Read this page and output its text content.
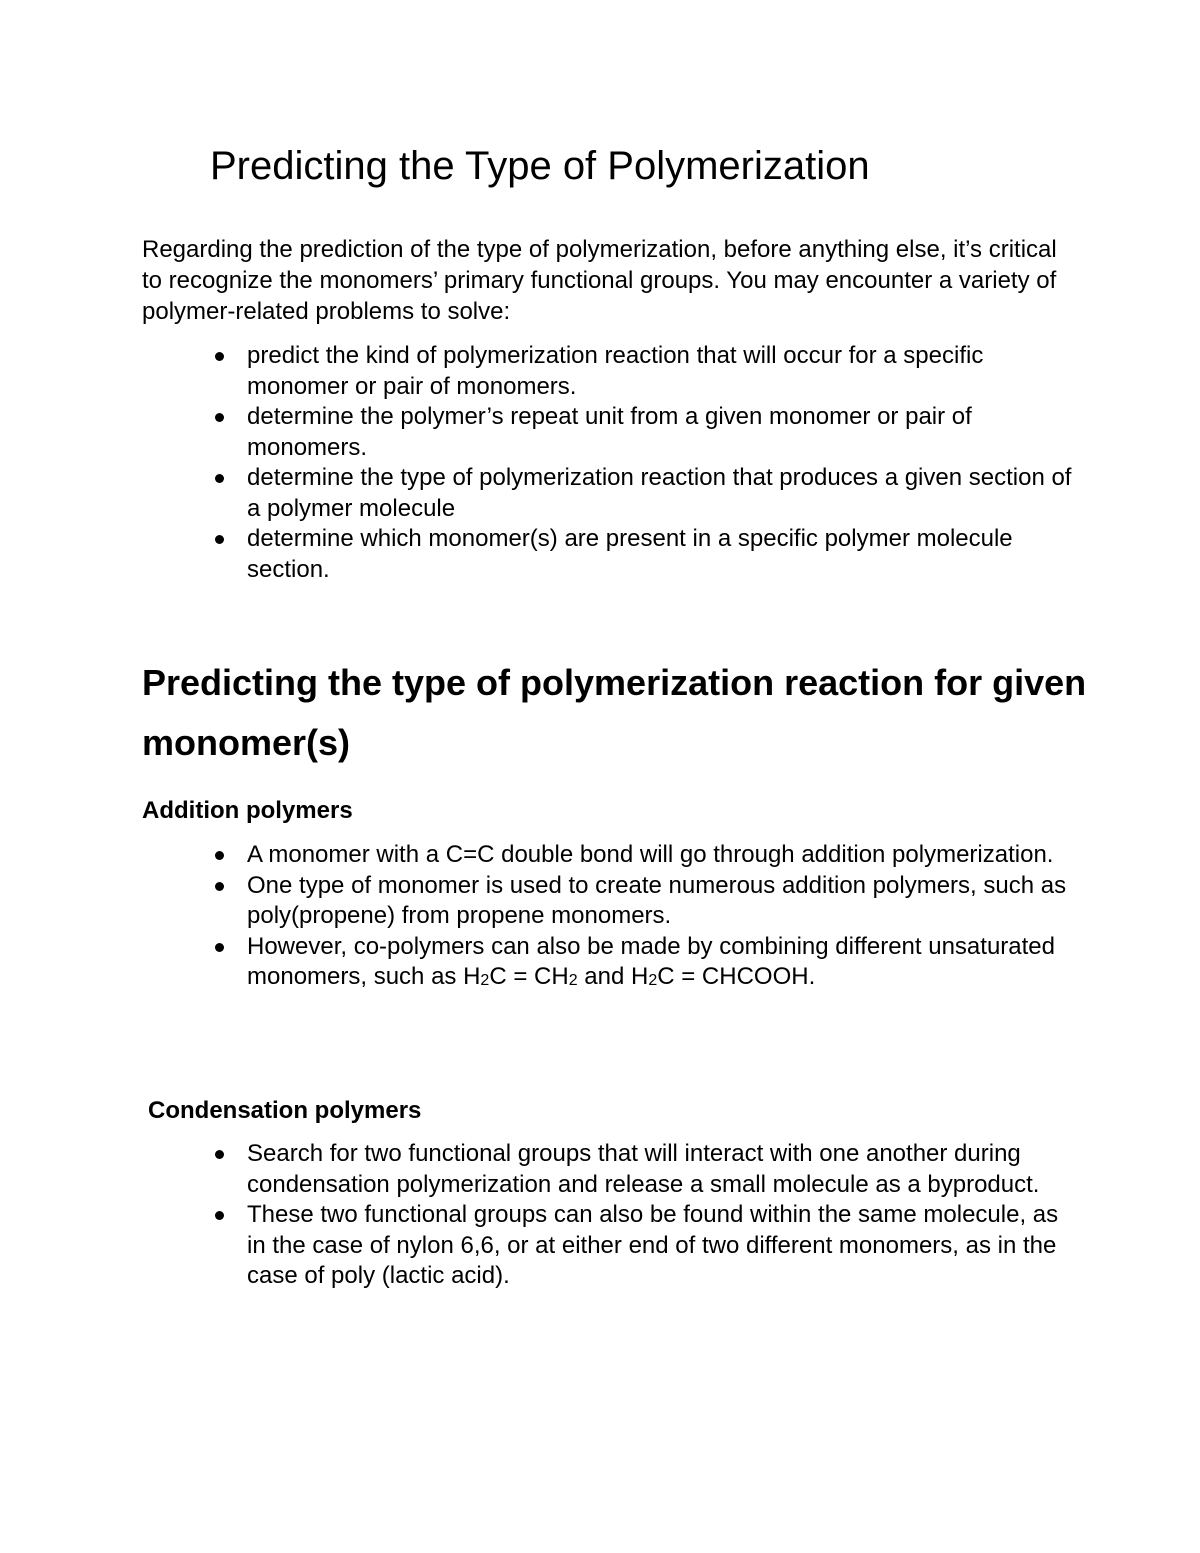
Predicting the Type of Polymerization

Regarding the prediction of the type of polymerization, before anything else, it’s critical to recognize the monomers’ primary functional groups. You may encounter a variety of polymer-related problems to solve:

predict the kind of polymerization reaction that will occur for a specific monomer or pair of monomers.
determine the polymer’s repeat unit from a given monomer or pair of monomers.
determine the type of polymerization reaction that produces a given section of a polymer molecule
determine which monomer(s) are present in a specific polymer molecule section.
Predicting the type of polymerization reaction for given monomer(s)
Addition polymers
A monomer with a C=C double bond will go through addition polymerization.
One type of monomer is used to create numerous addition polymers, such as poly(propene) from propene monomers.
However, co-polymers can also be made by combining different unsaturated monomers, such as $H_2C = CH_2$ and $H_2C$ = CHCOOH.
Condensation polymers
Search for two functional groups that will interact with one another during condensation polymerization and release a small molecule as a byproduct.
These two functional groups can also be found within the same molecule, as in the case of nylon 6,6, or at either end of two different monomers, as in the case of poly (lactic acid).
